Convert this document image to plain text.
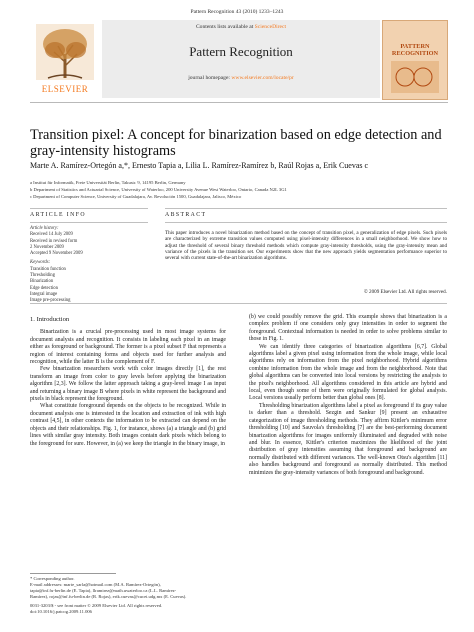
Pattern Recognition 43 (2010) 1233–1243
ELSEVIER
Contents lists available at ScienceDirect
Pattern Recognition
journal homepage: www.elsevier.com/locate/pr
PATTERN RECOGNITION
Transition pixel: A concept for binarization based on edge detection and gray-intensity histograms
Marte A. Ramírez-Ortegón a,*, Ernesto Tapia a, Lilia L. Ramírez-Ramírez b, Raúl Rojas a, Erik Cuevas c
a Institut für Informatik, Freie Universität Berlin, Takustr. 9, 14195 Berlin, Germany
b Department of Statistics and Actuarial Science, University of Waterloo, 200 University Avenue West Waterloo, Ontario, Canada N2L 3G1
c Department of Computer Science, University of Guadalajara, Av. Revolución 1500, Guadalajara, Jalisco, México
ARTICLE INFO
Article history:
Received 14 July 2009
Received in revised form
2 November 2009
Accepted 9 November 2009
Keywords:
Transition function
Thresholding
Binarization
Edge detection
Integral image
Image pre-processing
ABSTRACT
This paper introduces a novel binarization method based on the concept of transition pixel, a generalization of edge pixels. Such pixels are characterized by extreme transition values computed using pixel-intensity differences in a small neighborhood. We show how to adjust the threshold of several binary threshold methods which compute gray-intensity thresholds, using the gray-intensity mean and variance of the pixels in the transition set. Our experiments show that the new approach yields segmentation performance superior to several with current state-of-the-art binarization algorithms.
© 2009 Elsevier Ltd. All rights reserved.
1. Introduction

Binarization is a crucial pre-processing used in most image systems for document analysis and recognition. It consists in labeling each pixel in an image either as foreground or background. The former is a pixel subset F that represents a region of interest containing forms and objects used for further analysis and recognition, while the latter B is the complement of F.

Few binarization researchers work with color images directly [1], the rest transform an image from color to gray levels before applying the binarization algorithm [2,3]. We follow the latter approach taking a gray-level image I as input and returning a binary image B where pixels in white represent the background and pixels in black represent the foreground.

What constitute foreground depends on the objects to be recognized. While in document analysis one is interested in the location and extraction of ink with high contrast [4,5], in other contexts the information to be extracted can depend on the objects and their relationships. Fig. 1, for instance, shows (a) a triangle and (b) grid lines with similar gray intensity. Both images contain dark pixels which belong to the foreground for sure. However, in (a) we keep the triangle in the binary image, in

(b) we could possibly remove the grid. This example shows that binarization is a complex problem if one considers only gray intensities in order to segment the foreground. Contextual information is needed in order to solve problems similar to those in Fig. 1.

We can identify three categories of binarization algorithms [6,7]. Global algorithms label a given pixel using information from the whole image, while local algorithms rely on information from the pixel neighborhood. Hybrid algorithms combine information from the whole image and from the neighborhood. Note that global algorithms can be converted into local versions by restricting the analysis to the pixel's neighborhood. All algorithms considered in this article are hybrid and local, even though some of them were originally formulated for global analysis. Local versions usually perform better than global ones [8].

Thresholding binarization algorithms label a pixel as foreground if its gray value is darker than a threshold. Sezgin and Sankur [9] present an exhaustive categorization of image thresholding methods. They affirm Kittler's minimum error thresholding [10] and Sauvola's thresholding [7] are the best-performing document binarization algorithms for images uniformly illuminated and degraded with noise and blur. In essence, Kittler's criterion maximizes the likelihood of the joint distribution of gray intensities assuming that foreground and background are normally distributed with different variances. The well-known Otsu's algorithm [11] also handles background and foreground as normally distributed. This method minimizes the gray-intensity variances of both foreground and background.

* Corresponding author.
E-mail addresses: marte_sarla@hotmail.com (M.A. Ramírez-Ortegón),
tapia@inf.fu-berlin.de (E. Tapia), llramirez@math.uwaterloo.ca (L.L. Ramírez-
Ramírez), rojas@inf.fu-berlin.de (R. Rojas), erik.cuevas@cucei.udg.mx (E. Cuevas).
0031-3203/$ - see front matter © 2009 Elsevier Ltd. All rights reserved.
doi:10.1016/j.patcog.2009.11.006
